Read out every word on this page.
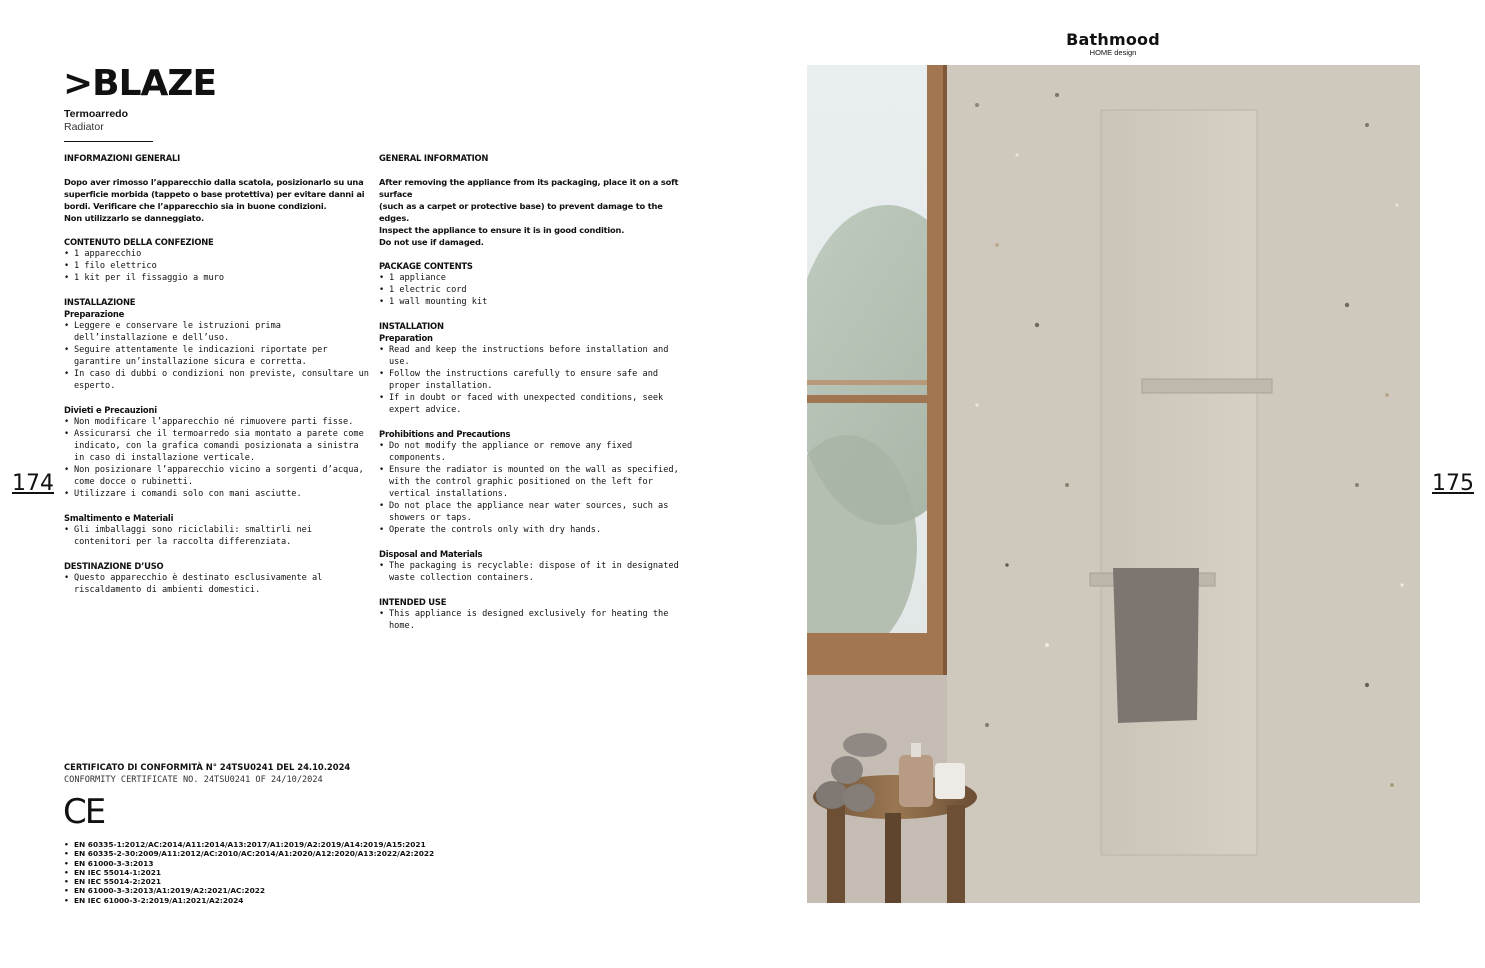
174	175
Bathmood
HOME design
>BLAZE
Termoarredo
Radiator
INFORMAZIONI GENERALI
Dopo aver rimosso l’apparecchio dalla scatola, posizionarlo su una
superficie morbida (tappeto o base protettiva) per evitare danni ai
bordi. Verificare che l’apparecchio sia in buone condizioni.
Non utilizzarlo se danneggiato.
CONTENUTO DELLA CONFEZIONE
• 1 apparecchio
• 1 filo elettrico
• 1 kit per il fissaggio a muro
INSTALLAZIONE
Preparazione
• Leggere e conservare le istruzioni prima dell’installazione e dell’uso.
• Seguire attentamente le indicazioni riportate per garantire un’installazione sicura e corretta.
• In caso di dubbi o condizioni non previste, consultare un esperto.
Divieti e Precauzioni
• Non modificare l’apparecchio né rimuovere parti fisse.
• Assicurarsi che il termoarredo sia montato a parete come indicato, con la grafica comandi posizionata a sinistra in caso di installazione verticale.
• Non posizionare l’apparecchio vicino a sorgenti d’acqua, come docce o rubinetti.
• Utilizzare i comandi solo con mani asciutte.
Smaltimento e Materiali
• Gli imballaggi sono riciclabili: smaltirli nei contenitori per la raccolta differenziata.
DESTINAZIONE D’USO
• Questo apparecchio è destinato esclusivamente al riscaldamento di ambienti domestici.
GENERAL INFORMATION
After removing the appliance from its packaging, place it on a soft surface
(such as a carpet or protective base) to prevent damage to the edges.
Inspect the appliance to ensure it is in good condition.
Do not use if damaged.
PACKAGE CONTENTS
• 1 appliance
• 1 electric cord
• 1 wall mounting kit
INSTALLATION
Preparation
• Read and keep the instructions before installation and use.
• Follow the instructions carefully to ensure safe and proper installation.
• If in doubt or faced with unexpected conditions, seek expert advice.
Prohibitions and Precautions
• Do not modify the appliance or remove any fixed components.
• Ensure the radiator is mounted on the wall as specified, with the control graphic positioned on the left for vertical installations.
• Do not place the appliance near water sources, such as showers or taps.
• Operate the controls only with dry hands.
Disposal and Materials
• The packaging is recyclable: dispose of it in designated waste collection containers.
INTENDED USE
• This appliance is designed exclusively for heating the home.
CERTIFICATO DI CONFORMITÀ N° 24TSU0241 DEL 24.10.2024
CONFORMITY CERTIFICATE NO. 24TSU0241 OF 24/10/2024
CE
• EN 60335-1:2012/AC:2014/A11:2014/A13:2017/A1:2019/A2:2019/A14:2019/A15:2021
• EN 60335-2-30:2009/A11:2012/AC:2010/AC:2014/A1:2020/A12:2020/A13:2022/A2:2022
• EN 61000-3-3:2013
• EN IEC 55014-1:2021
• EN IEC 55014-2:2021
• EN 61000-3-3:2013/A1:2019/A2:2021/AC:2022
• EN IEC 61000-3-2:2019/A1:2021/A2:2024
